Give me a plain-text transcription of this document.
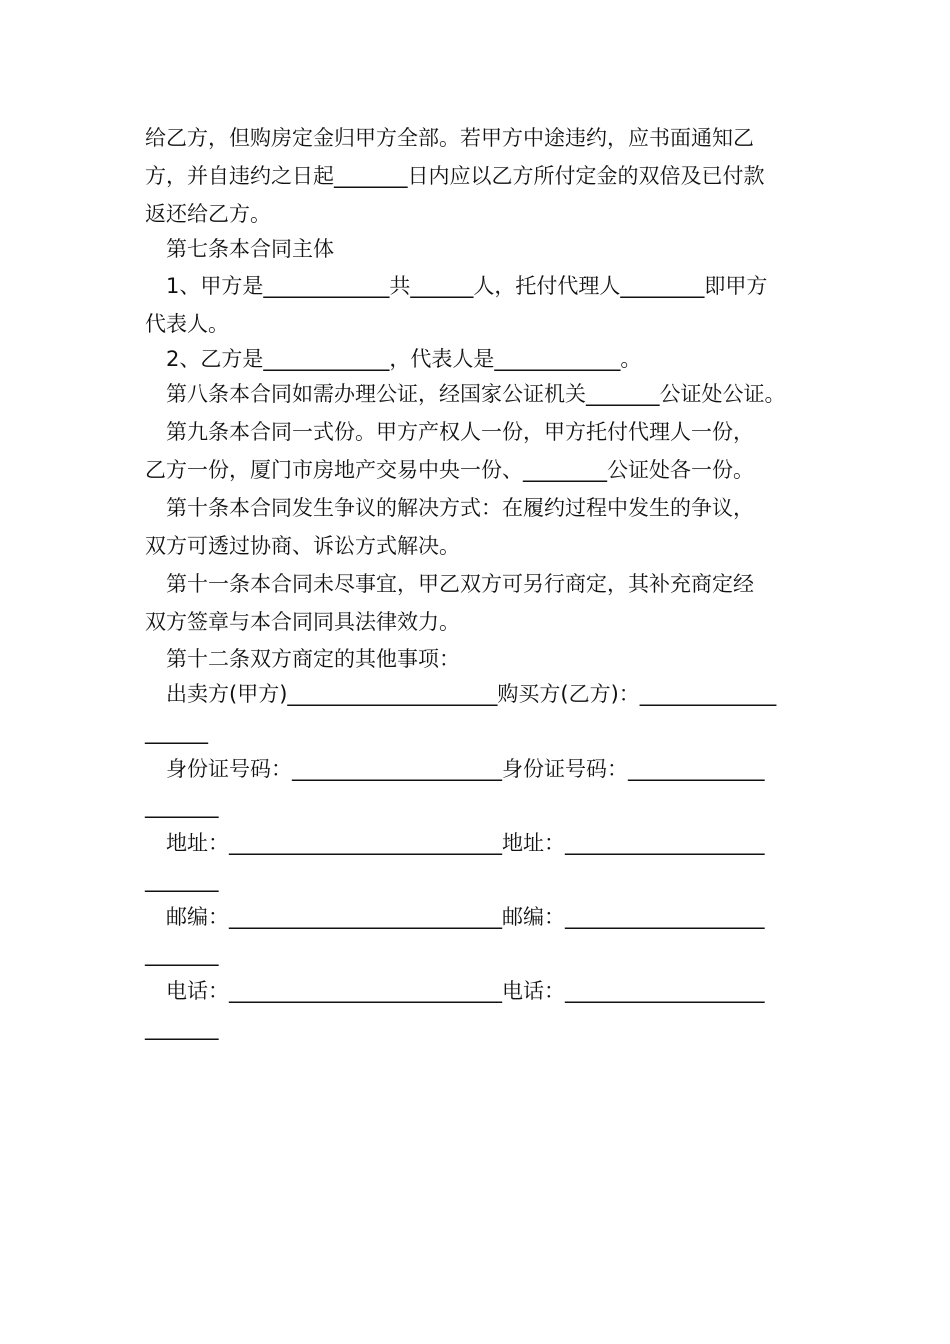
给乙方，但购房定金归甲方全部。若甲方中途违约，应书面通知乙

方，并自违约之日起_______日内应以乙方所付定金的双倍及已付款

返还给乙方。

第七条本合同主体

1、甲方是____________共______人，托付代理人________即甲方

代表人。

2、乙方是____________，代表人是____________。

第八条本合同如需办理公证，经国家公证机关_______公证处公证。

第九条本合同一式份。甲方产权人一份，甲方托付代理人一份，

乙方一份，厦门市房地产交易中央一份、________公证处各一份。

第十条本合同发生争议的解决方式：在履约过程中发生的争议，

双方可透过协商、诉讼方式解决。

第十一条本合同未尽事宜，甲乙双方可另行商定，其补充商定经

双方签章与本合同同具法律效力。

第十二条双方商定的其他事项：

出卖方(甲方)____________________购买方(乙方)：_____________

______

身份证号码：____________________身份证号码：_____________

_______

地址：__________________________地址：___________________

_______

邮编：__________________________邮编：___________________

_______

电话：__________________________电话：___________________

_______
